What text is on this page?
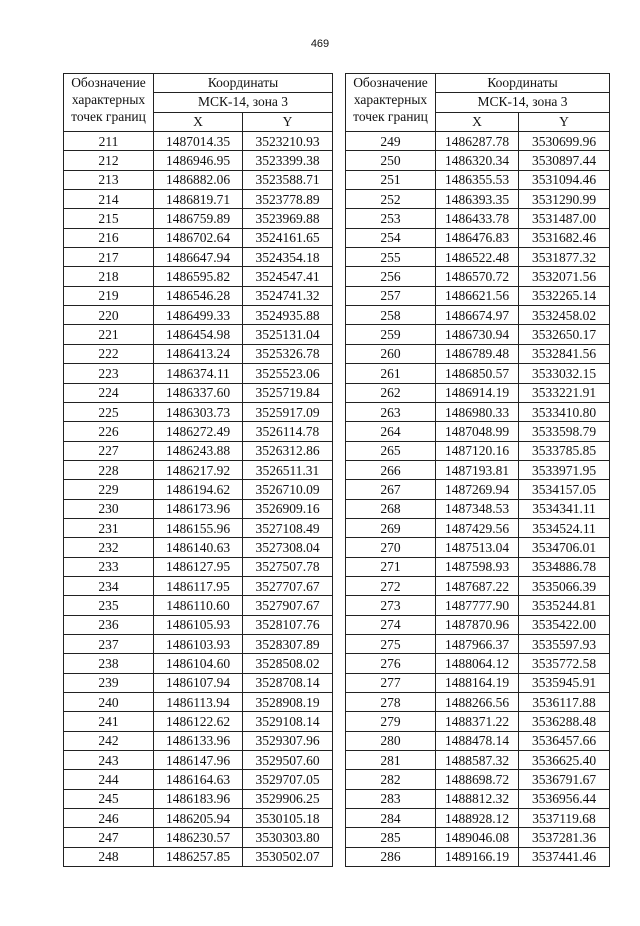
469
Обозначение
характерных
точек границ	Координаты	
	МСК-14, зона 3	
	X	Y
211	1487014.35	3523210.93
212	1486946.95	3523399.38
213	1486882.06	3523588.71
214	1486819.71	3523778.89
215	1486759.89	3523969.88
216	1486702.64	3524161.65
217	1486647.94	3524354.18
218	1486595.82	3524547.41
219	1486546.28	3524741.32
220	1486499.33	3524935.88
221	1486454.98	3525131.04
222	1486413.24	3525326.78
223	1486374.11	3525523.06
224	1486337.60	3525719.84
225	1486303.73	3525917.09
226	1486272.49	3526114.78
227	1486243.88	3526312.86
228	1486217.92	3526511.31
229	1486194.62	3526710.09
230	1486173.96	3526909.16
231	1486155.96	3527108.49
232	1486140.63	3527308.04
233	1486127.95	3527507.78
234	1486117.95	3527707.67
235	1486110.60	3527907.67
236	1486105.93	3528107.76
237	1486103.93	3528307.89
238	1486104.60	3528508.02
239	1486107.94	3528708.14
240	1486113.94	3528908.19
241	1486122.62	3529108.14
242	1486133.96	3529307.96
243	1486147.96	3529507.60
244	1486164.63	3529707.05
245	1486183.96	3529906.25
246	1486205.94	3530105.18
247	1486230.57	3530303.80
248	1486257.85	3530502.07
Обозначение
характерных
точек границ	Координаты	
	МСК-14, зона 3	
	X	Y
249	1486287.78	3530699.96
250	1486320.34	3530897.44
251	1486355.53	3531094.46
252	1486393.35	3531290.99
253	1486433.78	3531487.00
254	1486476.83	3531682.46
255	1486522.48	3531877.32
256	1486570.72	3532071.56
257	1486621.56	3532265.14
258	1486674.97	3532458.02
259	1486730.94	3532650.17
260	1486789.48	3532841.56
261	1486850.57	3533032.15
262	1486914.19	3533221.91
263	1486980.33	3533410.80
264	1487048.99	3533598.79
265	1487120.16	3533785.85
266	1487193.81	3533971.95
267	1487269.94	3534157.05
268	1487348.53	3534341.11
269	1487429.56	3534524.11
270	1487513.04	3534706.01
271	1487598.93	3534886.78
272	1487687.22	3535066.39
273	1487777.90	3535244.81
274	1487870.96	3535422.00
275	1487966.37	3535597.93
276	1488064.12	3535772.58
277	1488164.19	3535945.91
278	1488266.56	3536117.88
279	1488371.22	3536288.48
280	1488478.14	3536457.66
281	1488587.32	3536625.40
282	1488698.72	3536791.67
283	1488812.32	3536956.44
284	1488928.12	3537119.68
285	1489046.08	3537281.36
286	1489166.19	3537441.46
